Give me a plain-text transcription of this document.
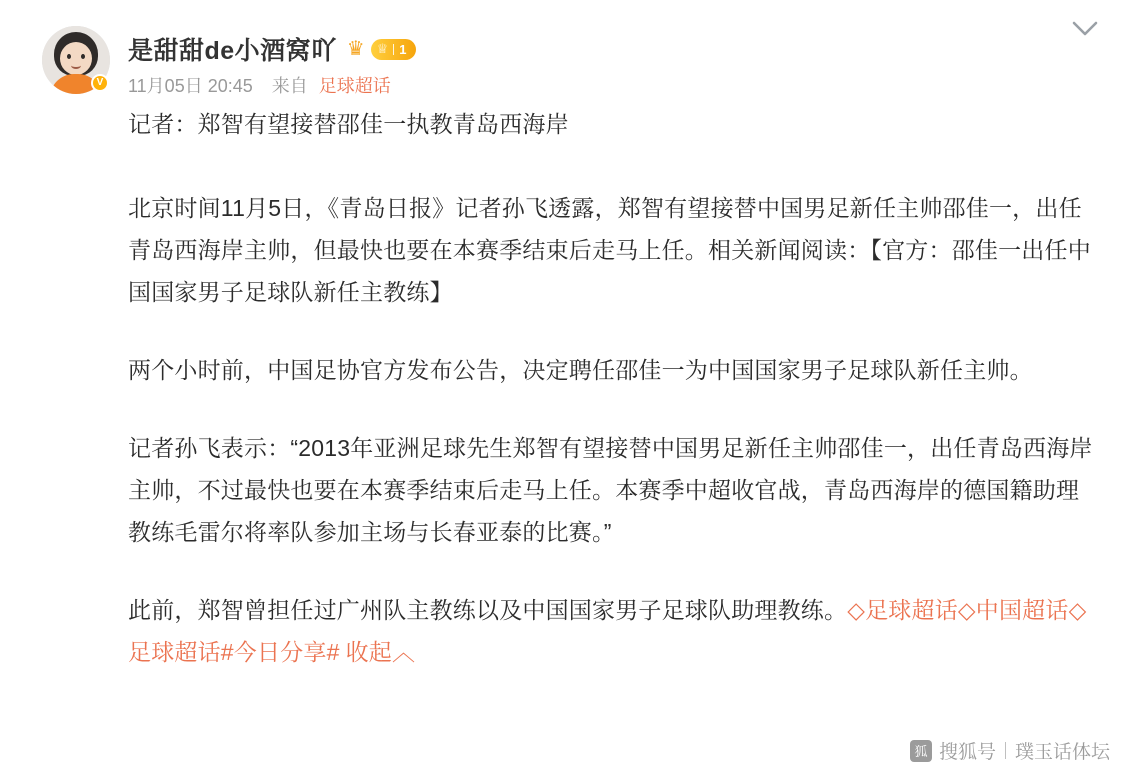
V
是甜甜de小酒窝吖 ♛ ♕ 1
11月05日 20:45 来自 足球超话

记者：郑智有望接替邵佳一执教青岛西海岸

北京时间11月5日，《青岛日报》记者孙飞透露，郑智有望接替中国男足新任主帅邵佳一，出任青岛西海岸主帅，但最快也要在本赛季结束后走马上任。相关新闻阅读：【官方：邵佳一出任中国国家男子足球队新任主教练】

两个小时前，中国足协官方发布公告，决定聘任邵佳一为中国国家男子足球队新任主帅。

记者孙飞表示：“2013年亚洲足球先生郑智有望接替中国男足新任主帅邵佳一，出任青岛西海岸主帅，不过最快也要在本赛季结束后走马上任。本赛季中超收官战，青岛西海岸的德国籍助理教练毛雷尔将率队参加主场与长春亚泰的比赛。”

此前，郑智曾担任过广州队主教练以及中国国家男子足球队助理教练。◇足球超话◇中国超话◇足球超话#今日分享# 收起︿

狐 搜狐号 璞玉话体坛
